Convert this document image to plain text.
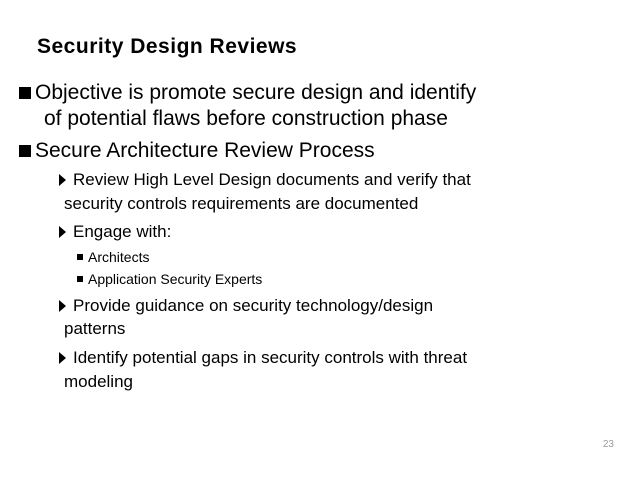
Security Design Reviews
Objective is promote secure design and identify
of potential flaws before construction phase
Secure Architecture Review Process
Review High Level Design documents and verify that
security controls requirements are documented
Engage with:
Architects
Application Security Experts
Provide guidance on security technology/design
patterns
Identify potential gaps in security controls with threat
modeling
23
